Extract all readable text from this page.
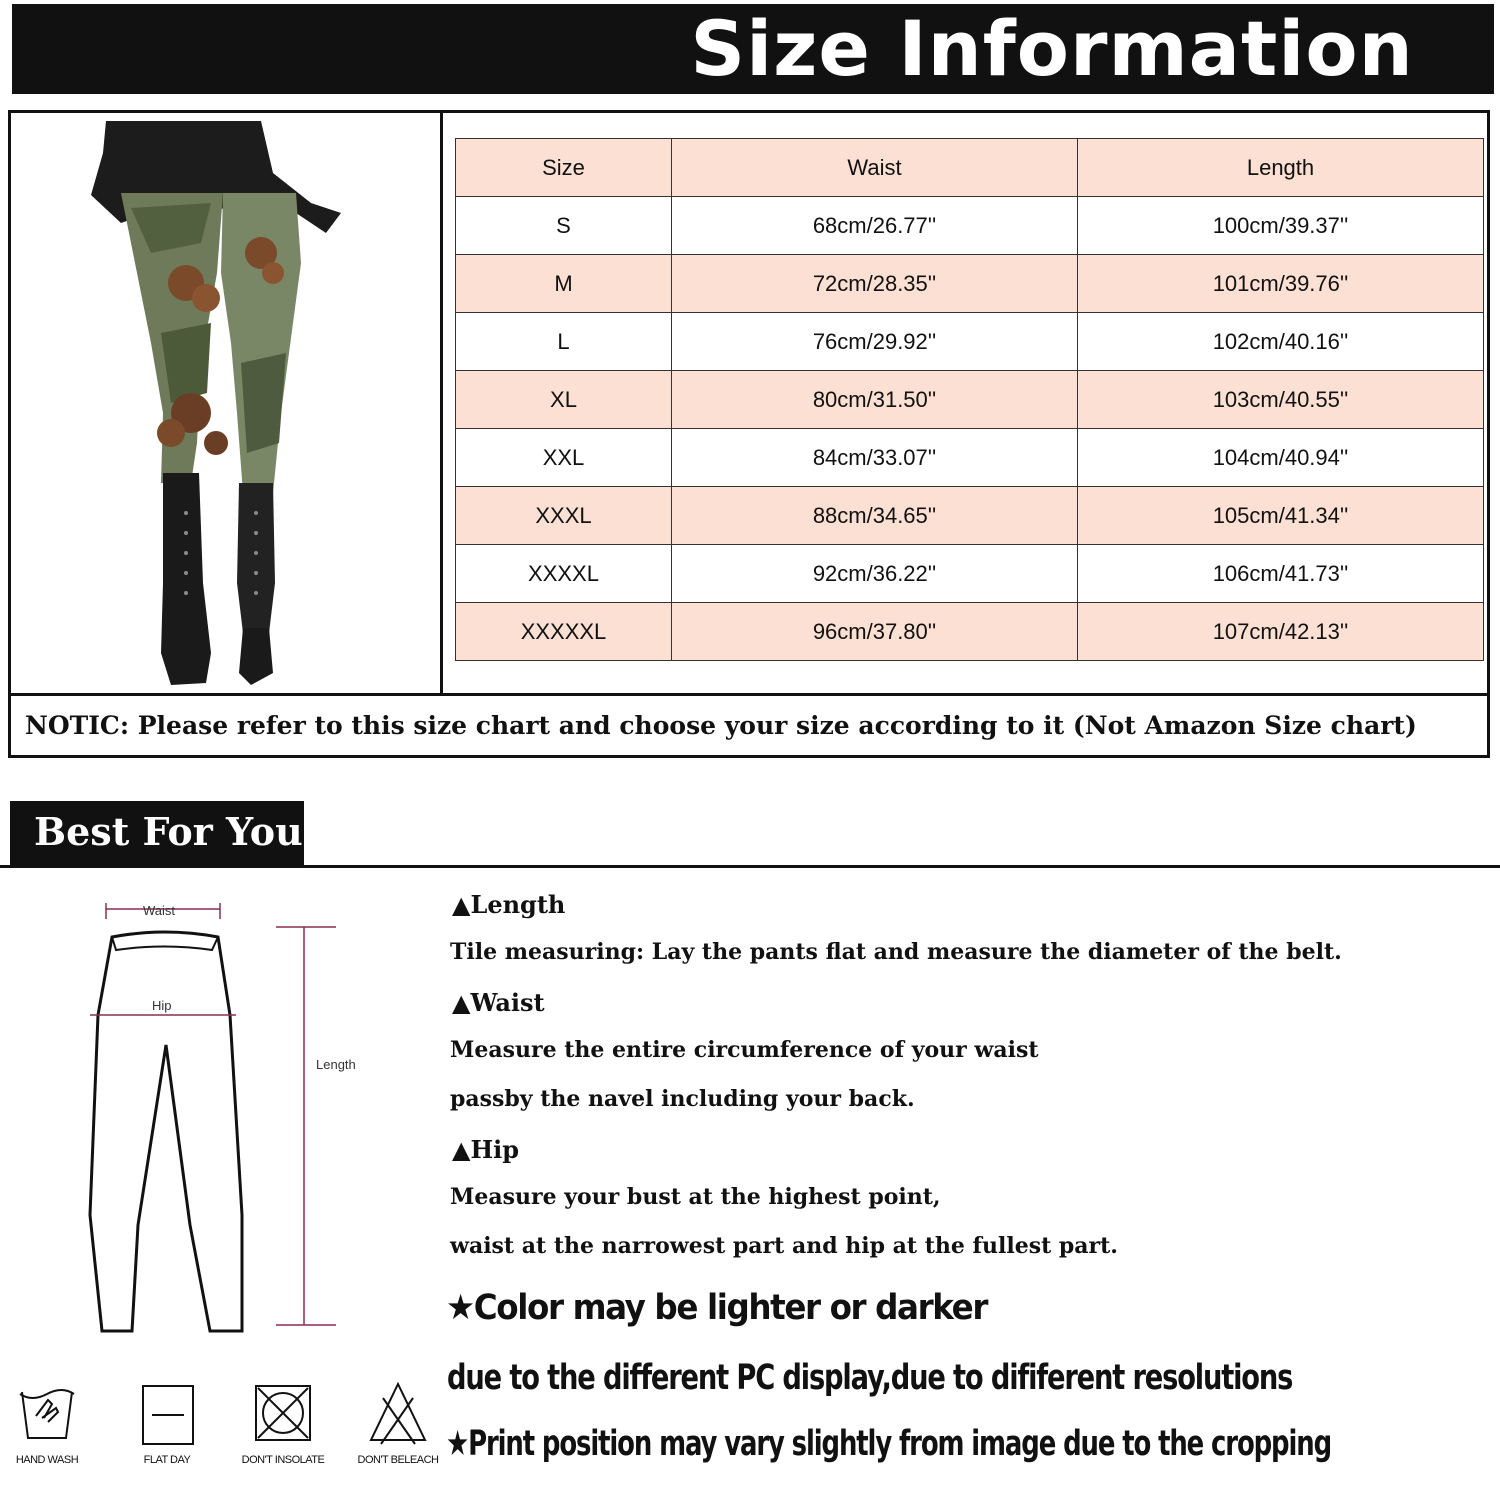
Size Information
NOTIC: Please refer to this size chart and choose your size according to it (Not Amazon Size chart)
Size	Waist	Length
S	68cm/26.77''	100cm/39.37''
M	72cm/28.35''	101cm/39.76''
L	76cm/29.92''	102cm/40.16''
XL	80cm/31.50''	103cm/40.55''
XXL	84cm/33.07''	104cm/40.94''
XXXL	88cm/34.65''	105cm/41.34''
XXXXL	92cm/36.22''	106cm/41.73''
XXXXXL	96cm/37.80''	107cm/42.13''
Best For You
Waist
Hip
Length
HAND WASH	FLAT DAY	DON'T INSOLATE	DON'T BELEACH
▲Length
Tile measuring: Lay the pants flat and measure the diameter of the belt.
▲Waist
Measure the entire circumference of your waist
passby the navel including your back.
▲Hip
Measure your bust at the highest point,
waist at the narrowest part and hip at the fullest part.
★Color may be lighter or darker
due to the different PC display,due to dififerent resolutions
★Print position may vary slightly from image due to the cropping
